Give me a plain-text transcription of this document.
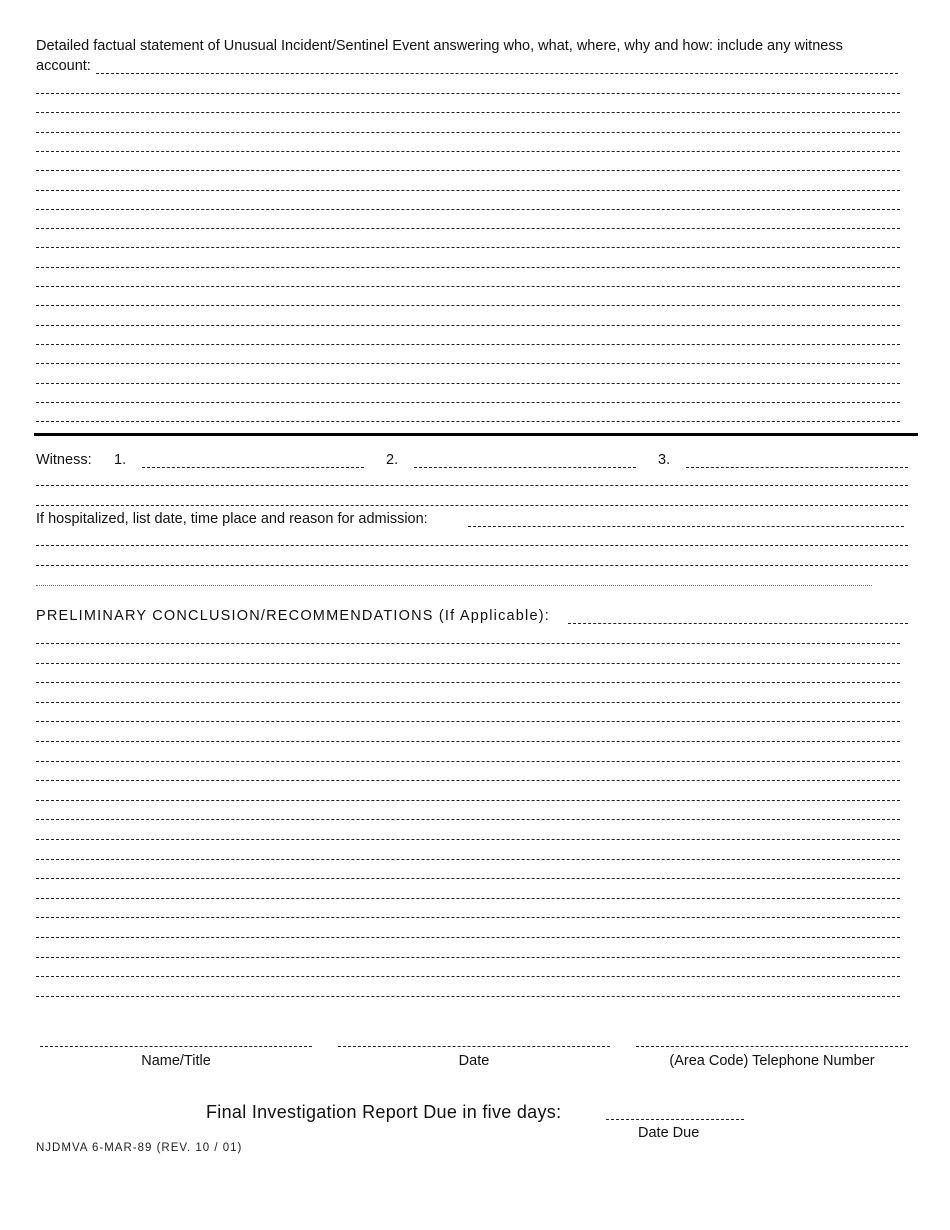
Detailed factual statement of Unusual Incident/Sentinel Event answering who, what, where, why and how: include any witness
account:
Witness: 1.	2.	3.
If hospitalized, list date, time place and reason for admission:
PRELIMINARY CONCLUSION/RECOMMENDATIONS (If Applicable):
Name/Title	Date	(Area Code) Telephone Number
Final Investigation Report Due in five days:
Date Due
NJDMVA 6-MAR-89 (REV. 10 / 01)
